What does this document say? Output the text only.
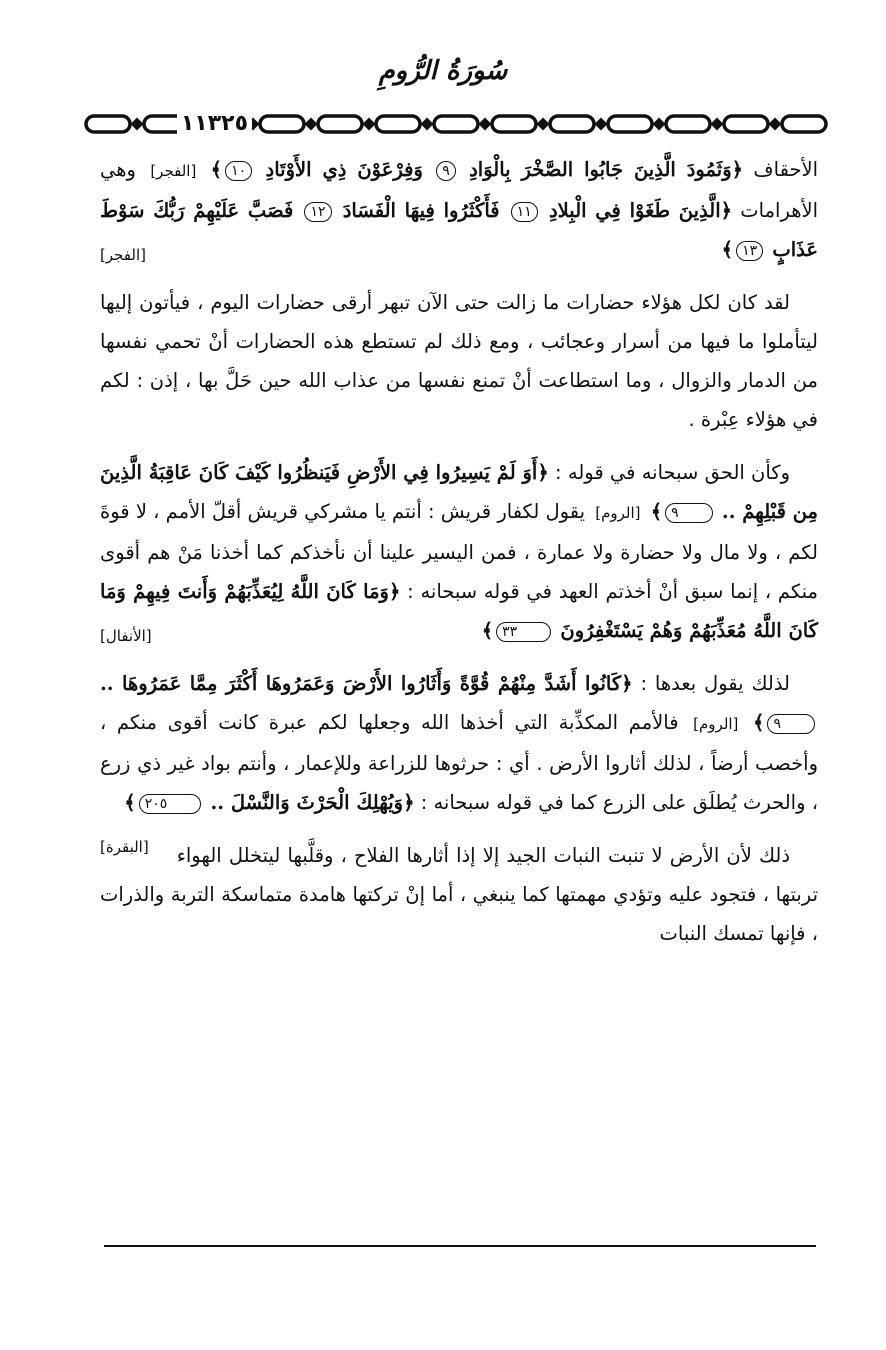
سُورَةُ الرُّومِ
١١٣٢٥

الأحقاف ﴿وَثَمُودَ الَّذِينَ جَابُوا الصَّخْرَ بِالْوَادِ ٩ وَفِرْعَوْنَ ذِي الأَوْتَادِ ١٠﴾ [الفجر] وهي الأهرامات ﴿الَّذِينَ طَغَوْا فِي الْبِلادِ ١١ فَأَكْثَرُوا فِيهَا الْفَسَادَ ١٢ فَصَبَّ عَلَيْهِمْ رَبُّكَ سَوْطَ عَذَابٍ ١٣﴾
[الفجر]

لقد كان لكل هؤلاء حضارات ما زالت حتى الآن تبهر أرقى حضارات اليوم ، فيأتون إليها ليتأملوا ما فيها من أسرار وعجائب ، ومع ذلك لم تستطع هذه الحضارات أنْ تحمي نفسها من الدمار والزوال ، وما استطاعت أنْ تمنع نفسها من عذاب الله حين حَلَّ بها ، إذن : لكم في هؤلاء عِبْرة .

وكأن الحق سبحانه في قوله : ﴿أَوَ لَمْ يَسِيرُوا فِي الأَرْضِ فَيَنظُرُوا كَيْفَ كَانَ عَاقِبَةُ الَّذِينَ مِن قَبْلِهِمْ .. ٩﴾ [الروم] يقول لكفار قريش : أنتم يا مشركي قريش أقلّ الأمم ، لا قوةَ لكم ، ولا مال ولا حضارة ولا عمارة ، فمن اليسير علينا أن نأخذكم كما أخذنا مَنْ هم أقوى منكم ، إنما سبق أنْ أخذتم العهد في قوله سبحانه : ﴿وَمَا كَانَ اللَّهُ لِيُعَذِّبَهُمْ وَأَنتَ فِيهِمْ وَمَا كَانَ اللَّهُ مُعَذِّبَهُمْ وَهُمْ يَسْتَغْفِرُونَ ٣٣﴾
[الأنفال]

لذلك يقول بعدها : ﴿كَانُوا أَشَدَّ مِنْهُمْ قُوَّةً وَأَثَارُوا الأَرْضَ وَعَمَرُوهَا أَكْثَرَ مِمَّا عَمَرُوهَا .. ٩﴾ [الروم] فالأمم المكذِّبة التي أخذها الله وجعلها لكم عبرة كانت أقوى منكم ، وأخصب أرضاً ، لذلك أثاروا الأرض . أي : حرثوها للزراعة وللإعمار ، وأنتم بواد غير ذي زرع ، والحرث يُطلَق على الزرع كما في قوله سبحانه : ﴿وَيُهْلِكَ الْحَرْثَ وَالنَّسْلَ .. ٢٠٥﴾
[البقرة]	ذلك لأن الأرض لا تنبت النبات الجيد إلا إذا أثارها الفلاح ، وقلَّبها ليتخلل الهواء تربتها ، فتجود عليه وتؤدي مهمتها كما ينبغي ، أما إنْ تركتها هامدة متماسكة التربة والذرات ، فإنها تمسك النبات
